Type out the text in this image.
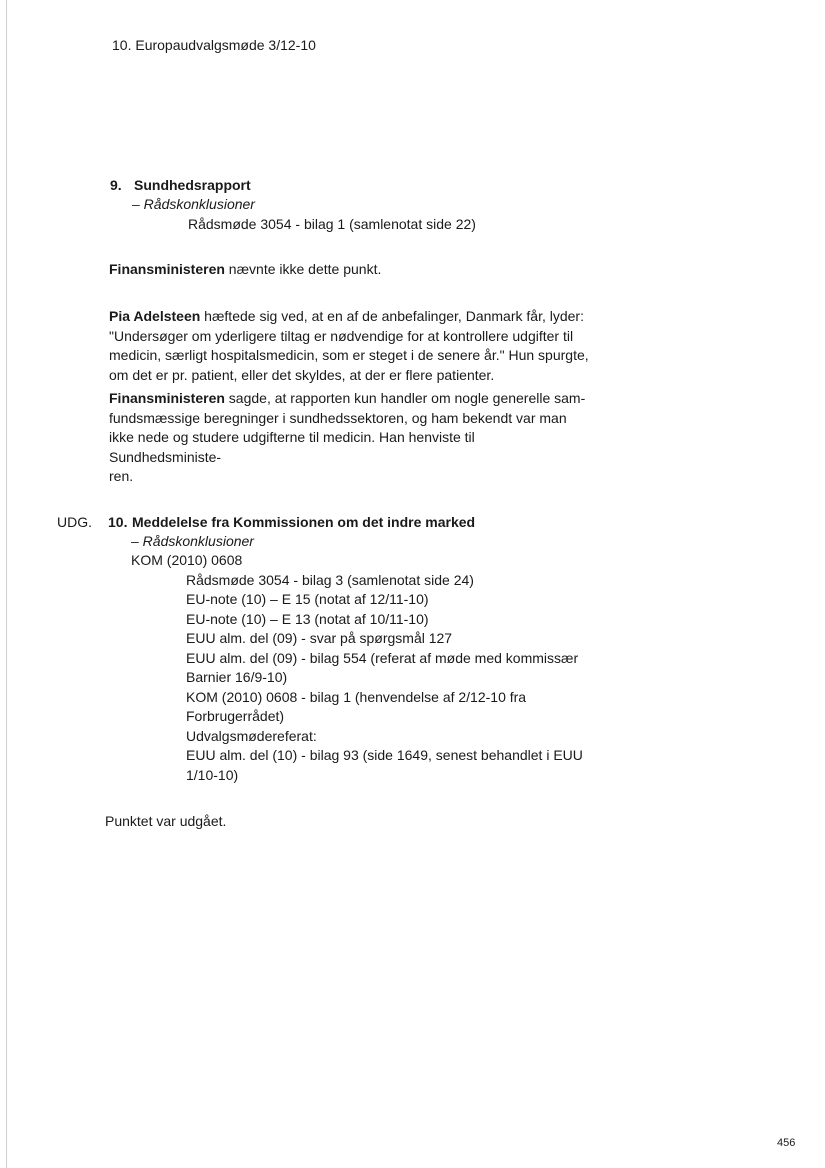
10. Europaudvalgsmøde 3/12-10
9. Sundhedsrapport
– Rådskonklusioner
Rådsmøde 3054 - bilag 1 (samlenotat side 22)

Finansministeren nævnte ikke dette punkt.

Pia Adelsteen hæftede sig ved, at en af de anbefalinger, Danmark får, lyder:

"Undersøger om yderligere tiltag er nødvendige for at kontrollere udgifter til

medicin, særligt hospitalsmedicin, som er steget i de senere år." Hun spurgte,

om det er pr. patient, eller det skyldes, at der er flere patienter.

Finansministeren sagde, at rapporten kun handler om nogle generelle sam-

fundsmæssige beregninger i sundhedssektoren, og ham bekendt var man

ikke nede og studere udgifterne til medicin. Han henviste til Sundhedsministe-

ren.

UDG. 10. Meddelelse fra Kommissionen om det indre marked
– Rådskonklusioner
KOM (2010) 0608
Rådsmøde 3054 - bilag 3 (samlenotat side 24)
EU-note (10) – E 15 (notat af 12/11-10)
EU-note (10) – E 13 (notat af 10/11-10)
EUU alm. del (09) - svar på spørgsmål 127
EUU alm. del (09) - bilag 554 (referat af møde med kommissær
Barnier 16/9-10)
KOM (2010) 0608 - bilag 1 (henvendelse af 2/12-10 fra
Forbrugerrådet)
Udvalgsmødereferat:
EUU alm. del (10) - bilag 93 (side 1649, senest behandlet i EUU
1/10-10)
Punktet var udgået.
456
